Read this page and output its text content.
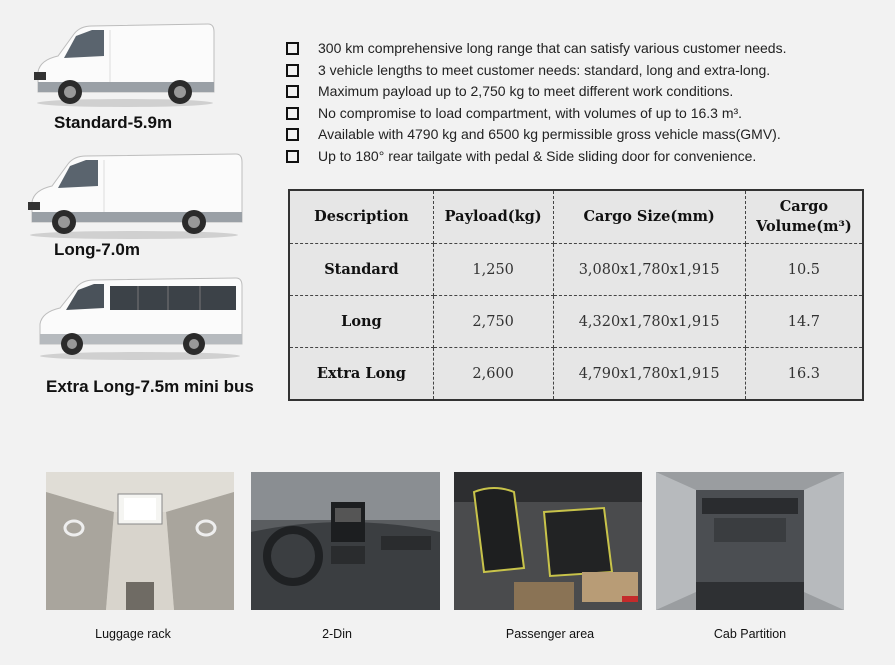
Standard-5.9m
Long-7.0m
Extra Long-7.5m mini bus
300 km comprehensive long range that can satisfy various customer needs.
3 vehicle lengths to meet customer needs: standard, long and extra-long.
Maximum payload up to 2,750 kg to meet different work conditions.
No compromise to load compartment, with volumes of up to 16.3 m³.
Available with 4790 kg and 6500 kg permissible gross vehicle mass(GMV).
Up to 180° rear tailgate with pedal & Side sliding door for convenience.
Description	Payload(kg)	Cargo Size(mm)	Cargo
Volume(m³)
Standard	1,250	3,080x1,780x1,915	10.5
Long	2,750	4,320x1,780x1,915	14.7
Extra Long	2,600	4,790x1,780x1,915	16.3
Luggage rack	2-Din	Passenger area	Cab Partition
